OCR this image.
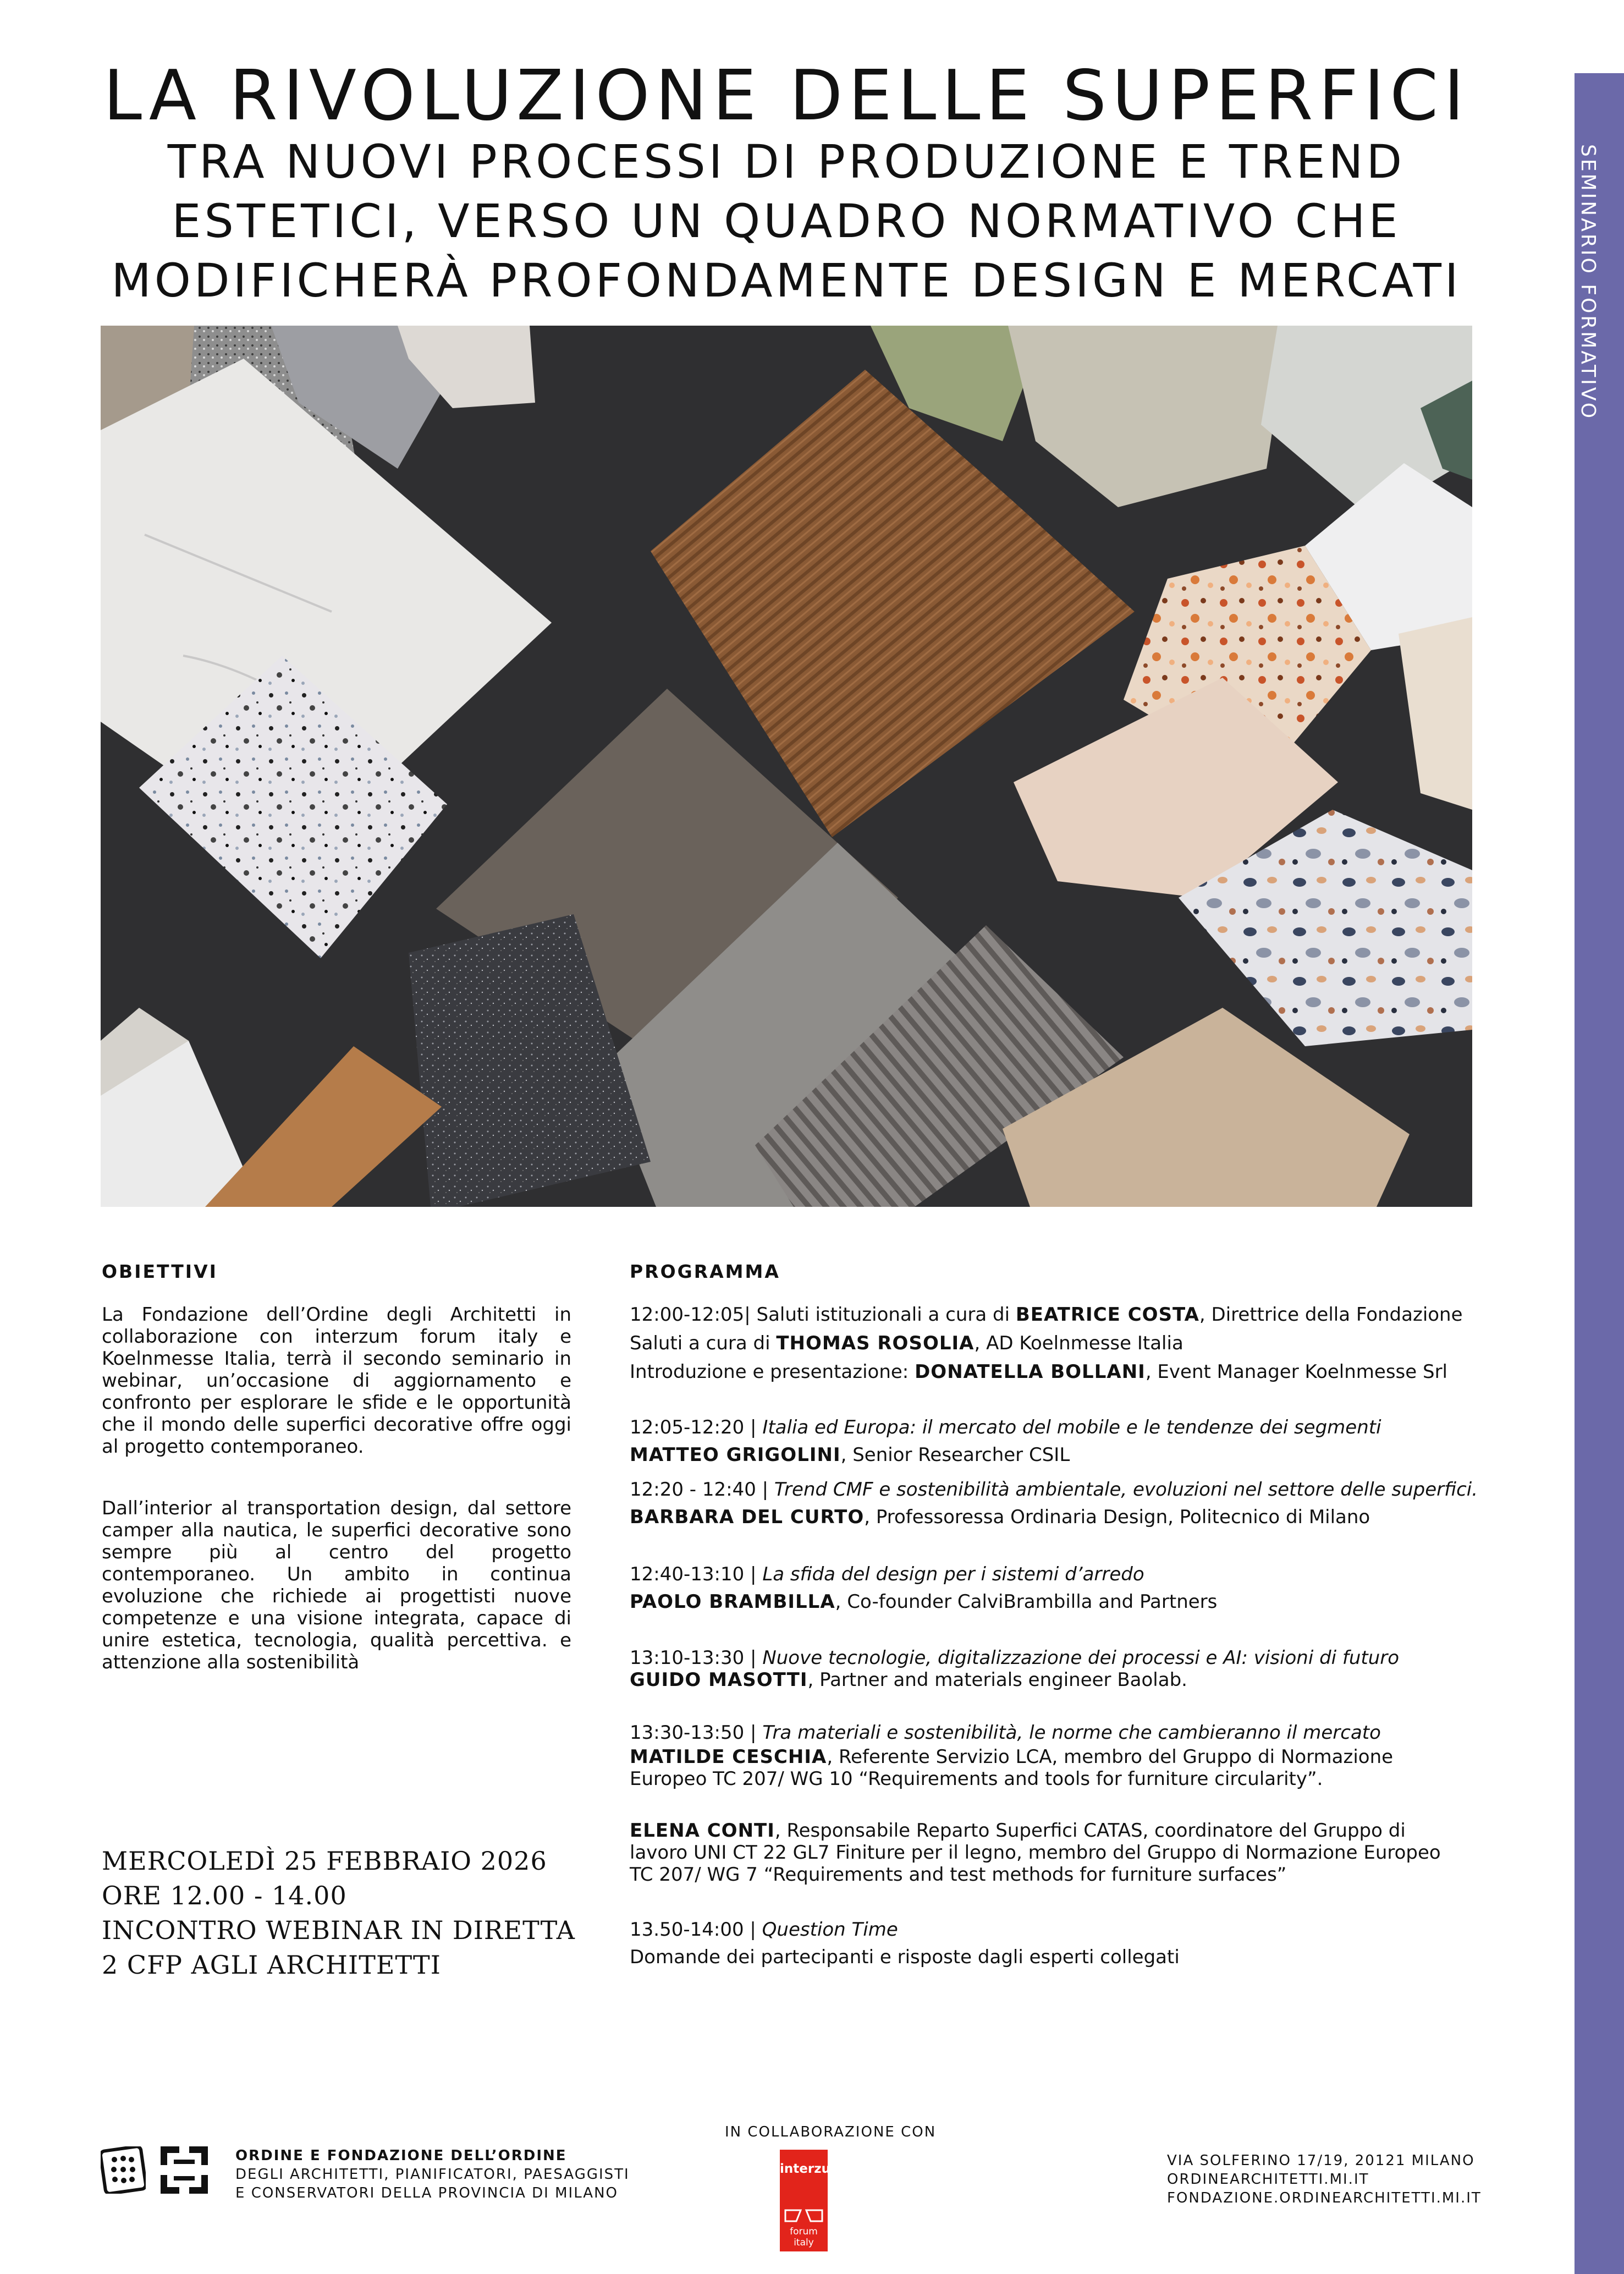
LA RIVOLUZIONE DELLE SUPERFICI
TRA NUOVI PROCESSI DI PRODUZIONE E TREND
ESTETICI, VERSO UN QUADRO NORMATIVO CHE
MODIFICHERÀ PROFONDAMENTE DESIGN E MERCATI	SEMINARIO FORMATIVO
OBIETTIVI
La Fondazione dell’Ordine degli Architetti in collaborazione con interzum forum italy e Koelnmesse Italia, terrà il secondo seminario in webinar, un’occasione di aggiornamento e confronto per esplorare le sfide e le opportunità che il mondo delle superfici decorative offre oggi al progetto contemporaneo.
Dall’interior al transportation design, dal settore camper alla nautica, le superfici decorative sono sempre più al centro del progetto contemporaneo. Un ambito in continua evoluzione che richiede ai progettisti nuove competenze e una visione integrata, capace di unire estetica, tecnologia, qualità percettiva. e attenzione alla sostenibilità
MERCOLEDÌ 25 FEBBRAIO 2026
ORE 12.00 - 14.00
INCONTRO WEBINAR IN DIRETTA
2 CFP AGLI ARCHITETTI
PROGRAMMA
12:00-12:05| Saluti istituzionali a cura di BEATRICE COSTA, Direttrice della Fondazione
Saluti a cura di THOMAS ROSOLIA, AD Koelnmesse Italia
Introduzione e presentazione: DONATELLA BOLLANI, Event Manager Koelnmesse Srl
12:05-12:20 | Italia ed Europa: il mercato del mobile e le tendenze dei segmenti
MATTEO GRIGOLINI, Senior Researcher CSIL
12:20 - 12:40 | Trend CMF e sostenibilità ambientale, evoluzioni nel settore delle superfici.
BARBARA DEL CURTO, Professoressa Ordinaria Design, Politecnico di Milano
12:40-13:10 | La sfida del design per i sistemi d’arredo
PAOLO BRAMBILLA, Co-founder CalviBrambilla and Partners
13:10-13:30 | Nuove tecnologie, digitalizzazione dei processi e AI: visioni di futuro
GUIDO MASOTTI, Partner and materials engineer Baolab.
13:30-13:50 | Tra materiali e sostenibilità, le norme che cambieranno il mercato
MATILDE CESCHIA, Referente Servizio LCA, membro del Gruppo di Normazione
Europeo TC 207/ WG 10 “Requirements and tools for furniture circularity”.
ELENA CONTI, Responsabile Reparto Superfici CATAS, coordinatore del Gruppo di
lavoro UNI CT 22 GL7 Finiture per il legno, membro del Gruppo di Normazione Europeo
TC 207/ WG 7 “Requirements and test methods for furniture surfaces”
13.50-14:00 | Question Time
Domande dei partecipanti e risposte dagli esperti collegati
ORDINE E FONDAZIONE DELL’ORDINE
DEGLI ARCHITETTI, PIANIFICATORI, PAESAGGISTI
E CONSERVATORI DELLA PROVINCIA DI MILANO
IN COLLABORAZIONE CON
interzum
forum italy
VIA SOLFERINO 17/19, 20121 MILANO
ORDINEARCHITETTI.MI.IT
FONDAZIONE.ORDINEARCHITETTI.MI.IT
